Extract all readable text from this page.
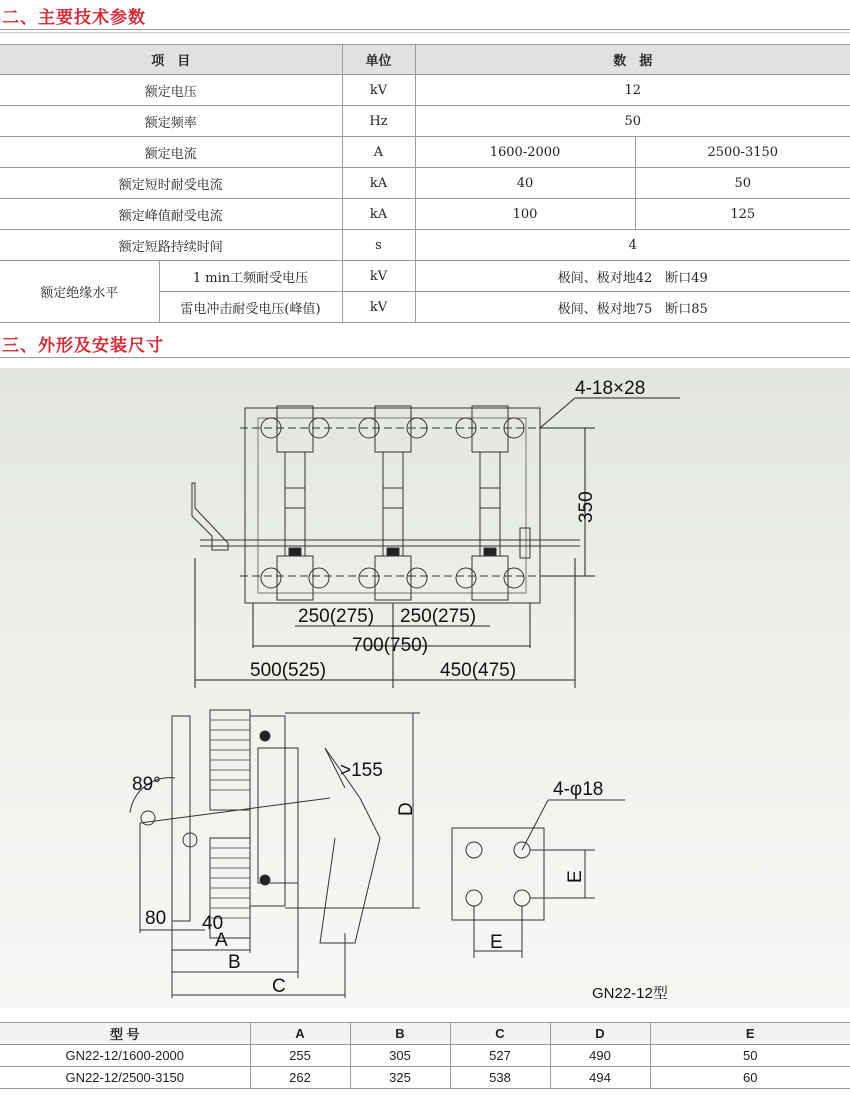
二、主要技术参数
项　目		单位	数　据	
额定电压		kV	12	
额定频率		Hz	50	
额定电流		A	1600-2000	2500-3150
额定短时耐受电流		kA	40	50
额定峰值耐受电流		kA	100	125
额定短路持续时间		s	4	
额定绝缘水平	1 min工频耐受电压	kV	极间、极对地42　断口49	
	雷电冲击耐受电压(峰值)	kV	极间、极对地75　断口85	
三、外形及安装尺寸
4-18×28
350
250(275) 250(275)
700(750)
500(525)	450(475)
89°
>155
D
80 40
A
B
C
4-φ18
E
E
GN22-12型
型 号	A	B	C	D	E
GN22-12/1600-2000	255	305	527	490	50
GN22-12/2500-3150	262	325	538	494	60
